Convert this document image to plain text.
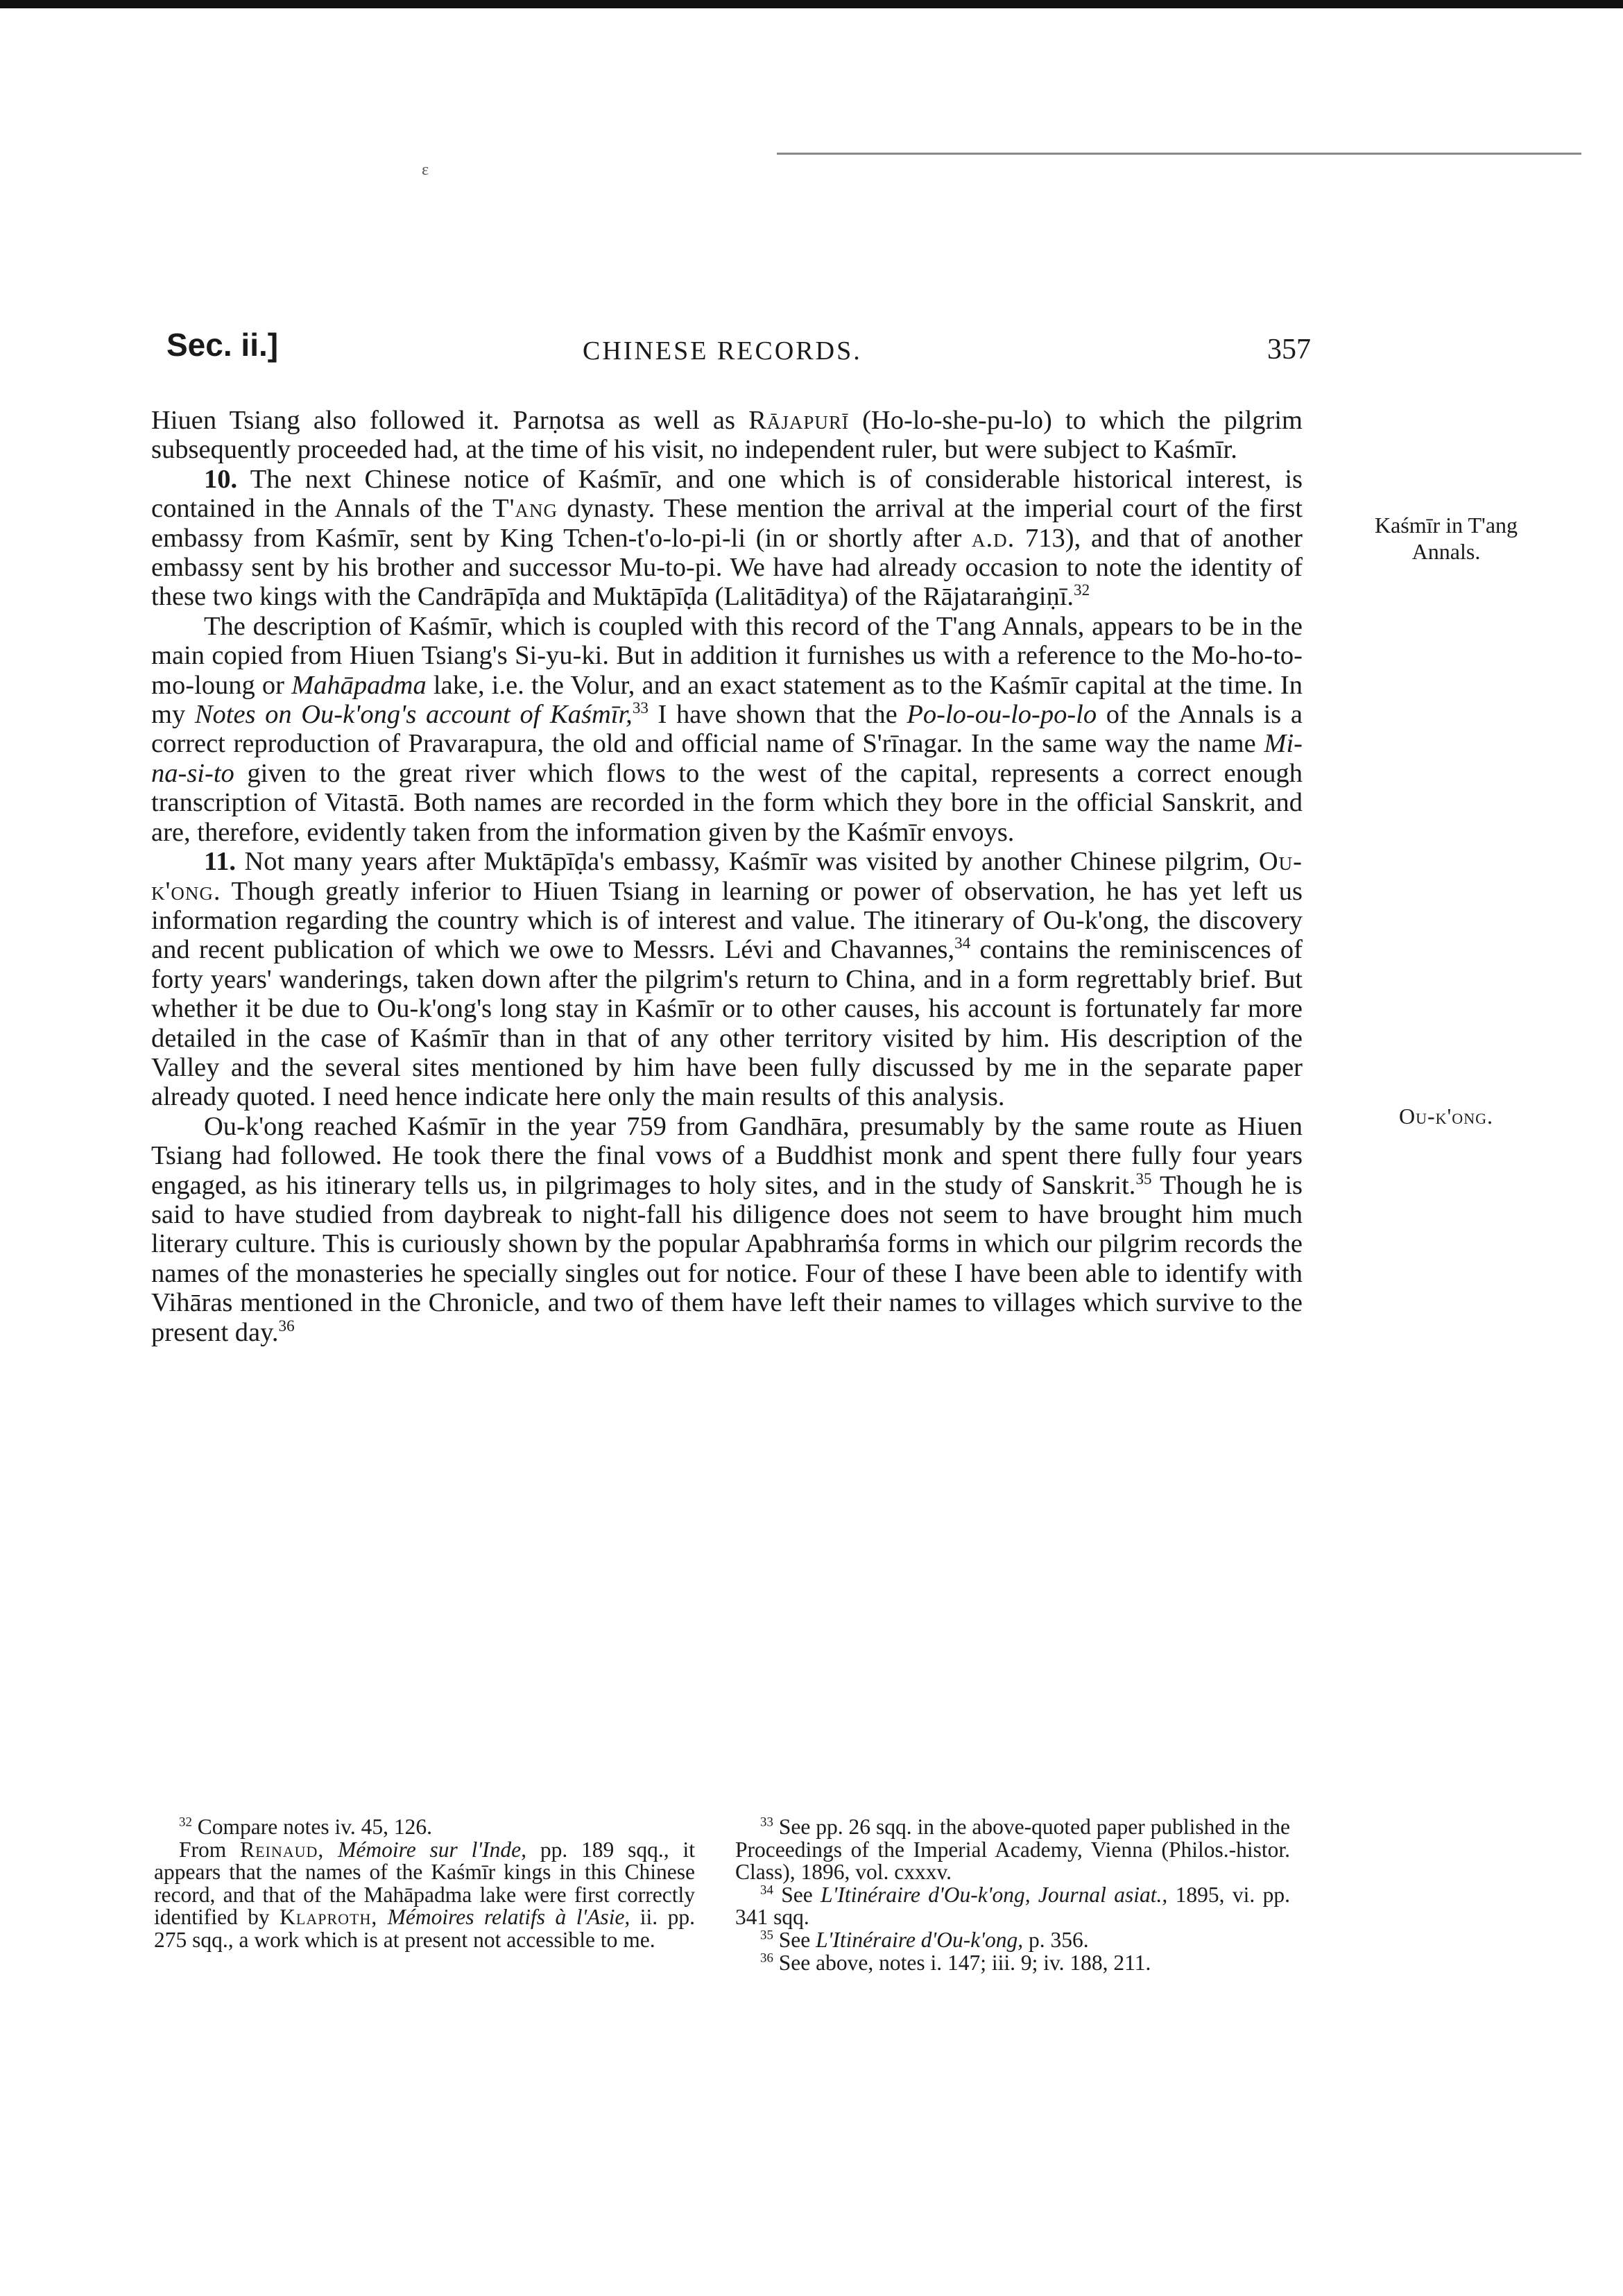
ɛ
Sec. ii.]	CHINESE RECORDS.	357

Hiuen Tsiang also followed it. Parṇotsa as well as Rājapurī (Ho-lo-she-pu-lo) to which the pilgrim subsequently proceeded had, at the time of his visit, no independent ruler, but were subject to Kaśmīr.

10. The next Chinese notice of Kaśmīr, and one which is of considerable historical interest, is contained in the Annals of the T'ang dynasty. These mention the arrival at the imperial court of the first embassy from Kaśmīr, sent by King Tchen-t'o-lo-pi-li (in or shortly after a.d. 713), and that of another embassy sent by his brother and successor Mu-to-pi. We have had already occasion to note the identity of these two kings with the Candrāpīḍa and Muktāpīḍa (Lalitāditya) of the Rājataraṅgiṇī.$^{32}$

The description of Kaśmīr, which is coupled with this record of the T'ang Annals, appears to be in the main copied from Hiuen Tsiang's Si-yu-ki. But in addition it furnishes us with a reference to the Mo-ho-to-mo-loung or Mahāpadma lake, i.e. the Volur, and an exact statement as to the Kaśmīr capital at the time. In my Notes on Ou-k'ong's account of Kaśmīr,$^{33}$ I have shown that the Po-lo-ou-lo-po-lo of the Annals is a correct reproduction of Pravarapura, the old and official name of S'rīnagar. In the same way the name Mi-na-si-to given to the great river which flows to the west of the capital, represents a correct enough transcription of Vitastā. Both names are recorded in the form which they bore in the official Sanskrit, and are, therefore, evidently taken from the information given by the Kaśmīr envoys.

11. Not many years after Muktāpīḍa's embassy, Kaśmīr was visited by another Chinese pilgrim, Ou-k'ong. Though greatly inferior to Hiuen Tsiang in learning or power of observation, he has yet left us information regarding the country which is of interest and value. The itinerary of Ou-k'ong, the discovery and recent publication of which we owe to Messrs. Lévi and Chavannes,$^{34}$ contains the reminiscences of forty years' wanderings, taken down after the pilgrim's return to China, and in a form regrettably brief. But whether it be due to Ou-k'ong's long stay in Kaśmīr or to other causes, his account is fortunately far more detailed in the case of Kaśmīr than in that of any other territory visited by him. His description of the Valley and the several sites mentioned by him have been fully discussed by me in the separate paper already quoted. I need hence indicate here only the main results of this analysis.

Ou-k'ong reached Kaśmīr in the year 759 from Gandhāra, presumably by the same route as Hiuen Tsiang had followed. He took there the final vows of a Buddhist monk and spent there fully four years engaged, as his itinerary tells us, in pilgrimages to holy sites, and in the study of Sanskrit.$^{35}$ Though he is said to have studied from daybreak to night-fall his diligence does not seem to have brought him much literary culture. This is curiously shown by the popular Apabhraṁśa forms in which our pilgrim records the names of the monasteries he specially singles out for notice. Four of these I have been able to identify with Vihāras mentioned in the Chronicle, and two of them have left their names to villages which survive to the present day.$^{36}$

Kaśmīr in T'ang Annals.
Ou-k'ong.

$^{32}$ Compare notes iv. 45, 126.

From Reinaud, Mémoire sur l'Inde, pp. 189 sqq., it appears that the names of the Kaśmīr kings in this Chinese record, and that of the Mahāpadma lake were first correctly identified by Klaproth, Mémoires relatifs à l'Asie, ii. pp. 275 sqq., a work which is at present not accessible to me.

$^{33}$ See pp. 26 sqq. in the above-quoted paper published in the Proceedings of the Imperial Academy, Vienna (Philos.-histor. Class), 1896, vol. cxxxv.

$^{34}$ See L'Itinéraire d'Ou-k'ong, Journal asiat., 1895, vi. pp. 341 sqq.

$^{35}$ See L'Itinéraire d'Ou-k'ong, p. 356.

$^{36}$ See above, notes i. 147; iii. 9; iv. 188, 211.
